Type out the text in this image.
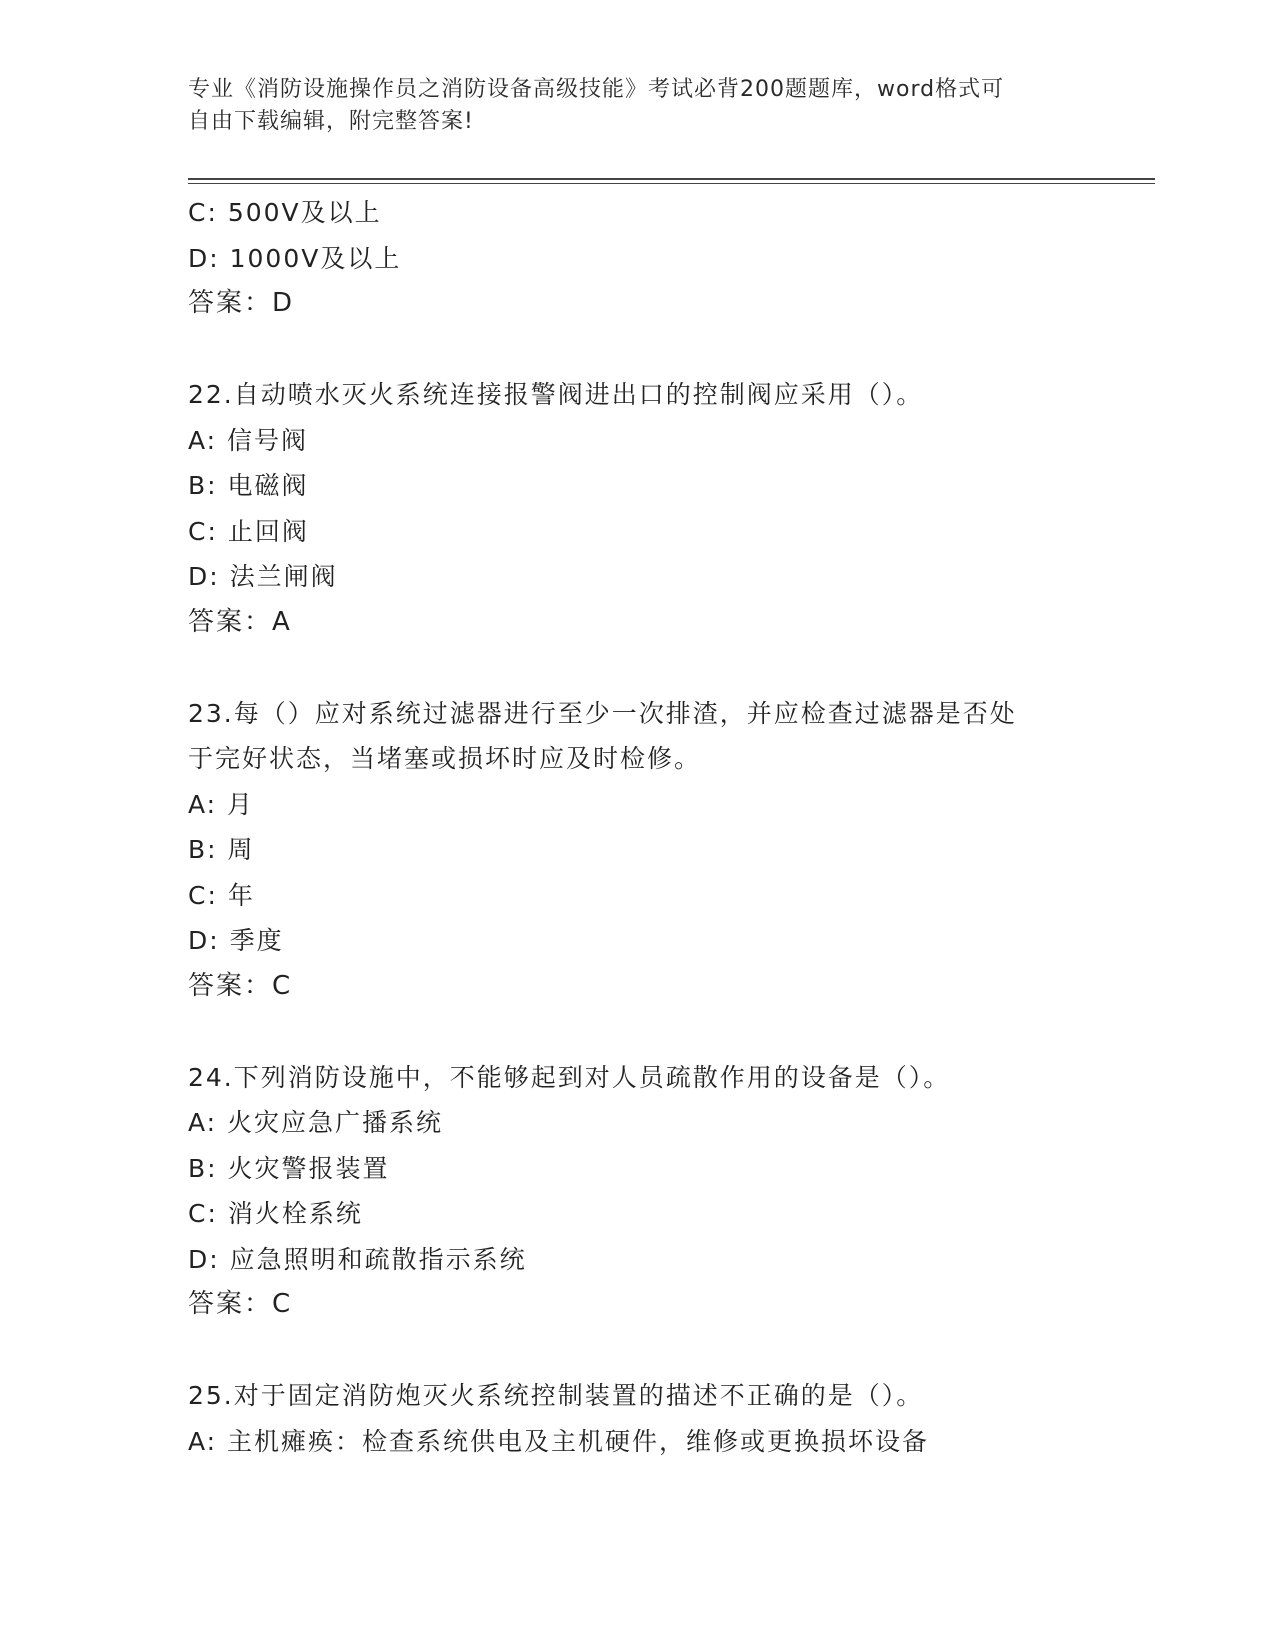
专业《消防设施操作员之消防设备高级技能》考试必背200题题库，word格式可
自由下载编辑，附完整答案!
C: 500V及以上
D: 1000V及以上
答案：D
22.自动喷水灭火系统连接报警阀进出口的控制阀应采用（）。
A: 信号阀
B: 电磁阀
C: 止回阀
D: 法兰闸阀
答案：A
23.每（）应对系统过滤器进行至少一次排渣，并应检查过滤器是否处
于完好状态，当堵塞或损坏时应及时检修。
A: 月
B: 周
C: 年
D: 季度
答案：C
24.下列消防设施中，不能够起到对人员疏散作用的设备是（）。
A: 火灾应急广播系统
B: 火灾警报装置
C: 消火栓系统
D: 应急照明和疏散指示系统
答案：C
25.对于固定消防炮灭火系统控制装置的描述不正确的是（）。
A: 主机瘫痪：检查系统供电及主机硬件，维修或更换损坏设备
